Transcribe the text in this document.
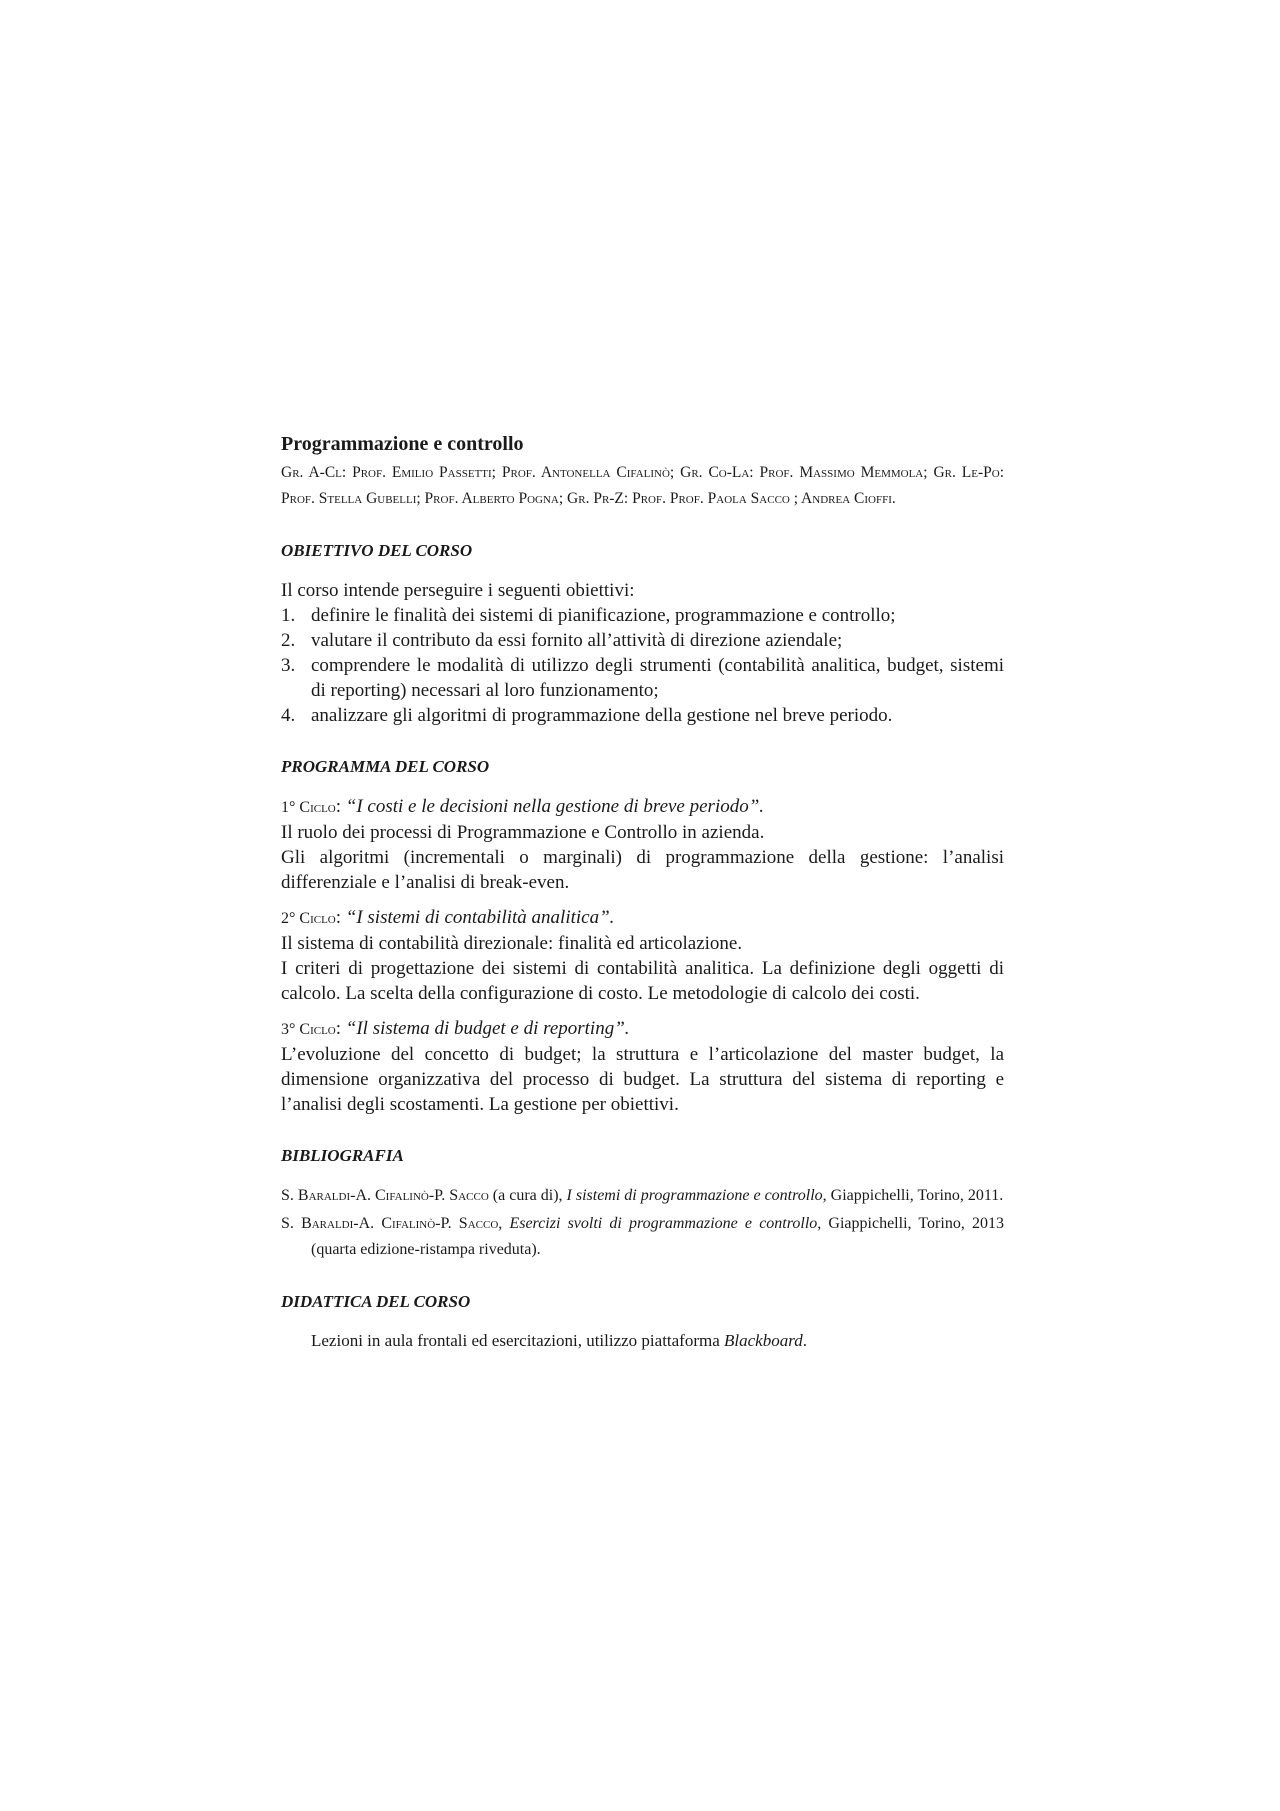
Programmazione e controllo

Gr. A-Cl: Prof. Emilio Passetti; Prof. Antonella Cifalinò; Gr. Co-La: Prof. Massimo Memmola; Gr. Le-Po: Prof. Stella Gubelli; Prof. Alberto Pogna; Gr. Pr-Z: Prof. Prof. Paola Sacco ; Andrea Cioffi.

OBIETTIVO DEL CORSO

Il corso intende perseguire i seguenti obiettivi:

1. definire le finalità dei sistemi di pianificazione, programmazione e controllo;
2. valutare il contributo da essi fornito all’attività di direzione aziendale;
3. comprendere le modalità di utilizzo degli strumenti (contabilità analitica, budget, sistemi di reporting) necessari al loro funzionamento;
4. analizzare gli algoritmi di programmazione della gestione nel breve periodo.
PROGRAMMA DEL CORSO
1° Ciclo: “I costi e le decisioni nella gestione di breve periodo”.

Il ruolo dei processi di Programmazione e Controllo in azienda.

Gli algoritmi (incrementali o marginali) di programmazione della gestione: l’analisi differenziale e l’analisi di break-even.

2° Ciclo: “I sistemi di contabilità analitica”.

Il sistema di contabilità direzionale: finalità ed articolazione.

I criteri di progettazione dei sistemi di contabilità analitica. La definizione degli oggetti di calcolo. La scelta della configurazione di costo. Le metodologie di calcolo dei costi.

3° Ciclo: “Il sistema di budget e di reporting”.

L’evoluzione del concetto di budget; la struttura e l’articolazione del master budget, la dimensione organizzativa del processo di budget. La struttura del sistema di reporting e l’analisi degli scostamenti. La gestione per obiettivi.

BIBLIOGRAFIA

S. Baraldi-A. Cifalinò-P. Sacco (a cura di), I sistemi di programmazione e controllo, Giappichelli, Torino, 2011.

S. Baraldi-A. Cifalinò-P. Sacco, Esercizi svolti di programmazione e controllo, Giappichelli, Torino, 2013 (quarta edizione-ristampa riveduta).

DIDATTICA DEL CORSO

Lezioni in aula frontali ed esercitazioni, utilizzo piattaforma Blackboard.
